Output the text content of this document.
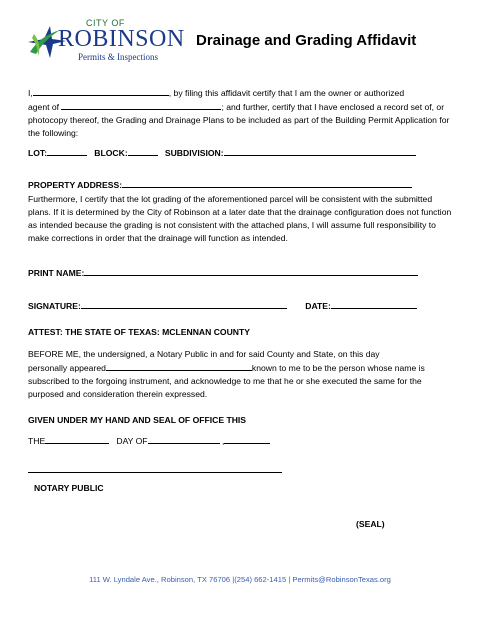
CITY OF
ROBINSON
Permits & Inspections
Drainage and Grading Affidavit
I,	, by filing this affidavit certify that I am the owner or authorized
agent of	; and further, certify that I have enclosed a record set of, or photocopy thereof, the Grading and Drainage Plans to be included as part of the Building Permit Application for the following:
LOT:	BLOCK:	SUBDIVISION:
PROPERTY ADDRESS:
Furthermore, I certify that the lot grading of the aforementioned parcel will be consistent with the submitted plans. If it is determined by the City of Robinson at a later date that the drainage configuration does not function as intended because the grading is not consistent with the attached plans, I will assume full responsibility to make corrections in order that the drainage will function as intended.
PRINT NAME:
SIGNATURE:	DATE:
ATTEST: THE STATE OF TEXAS: MCLENNAN COUNTY
BEFORE ME, the undersigned, a Notary Public in and for said County and State, on this day
personally appeared	known to me to be the person whose name is subscribed to the forgoing instrument, and acknowledge to me that he or she executed the same for the purposed and consideration therein expressed.
GIVEN UNDER MY HAND AND SEAL OF OFFICE THIS
THE	DAY OF	,
NOTARY PUBLIC
(SEAL)
111 W. Lyndale Ave., Robinson, TX 76706 |(254) 662-1415 | Permits@RobinsonTexas.org
